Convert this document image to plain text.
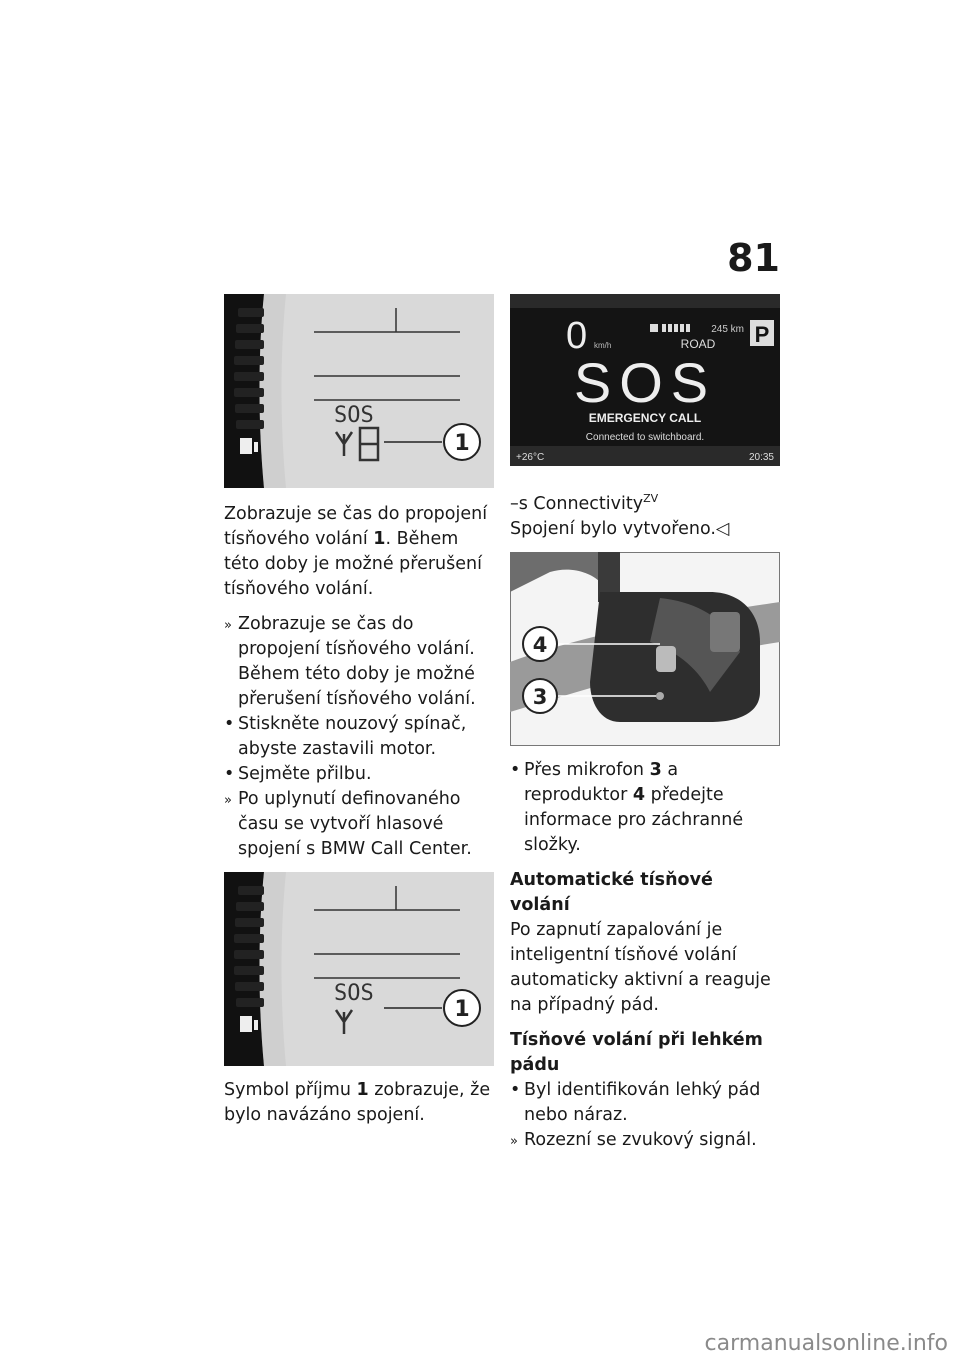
81
SOS
1

Zobrazuje se čas do propojení tísňového volání 1. Během této doby je možné přerušení tísňového volání.

» Zobrazuje se čas do propojení tísňového volání. Během této doby je možné přerušení tísňového volání.
• Stiskněte nouzový spínač, abyste zastavili motor.
• Sejměte přilbu.
» Po uplynutí definovaného času se vytvoří hlasové spojení s BMW Call Center.
SOS
1

Symbol příjmu 1 zobrazuje, že bylo navázáno spojení.

0 km/h
245 km
ROAD P
SOS
EMERGENCY CALL
Connected to switchboard.
+26°C	20:35

–s Connectivity$^{ZV}$

Spojení bylo vytvořeno.◁

4
3
• Přes mikrofon 3 a reproduktor 4 předejte informace pro záchranné složky.
Automatické tísňové volání

Po zapnutí zapalování je inteligentní tísňové volání automaticky aktivní a reaguje na případný pád.

Tísňové volání při lehkém pádu
• Byl identifikován lehký pád nebo náraz.
» Rozezní se zvukový signál.
carmanualsonline.info
